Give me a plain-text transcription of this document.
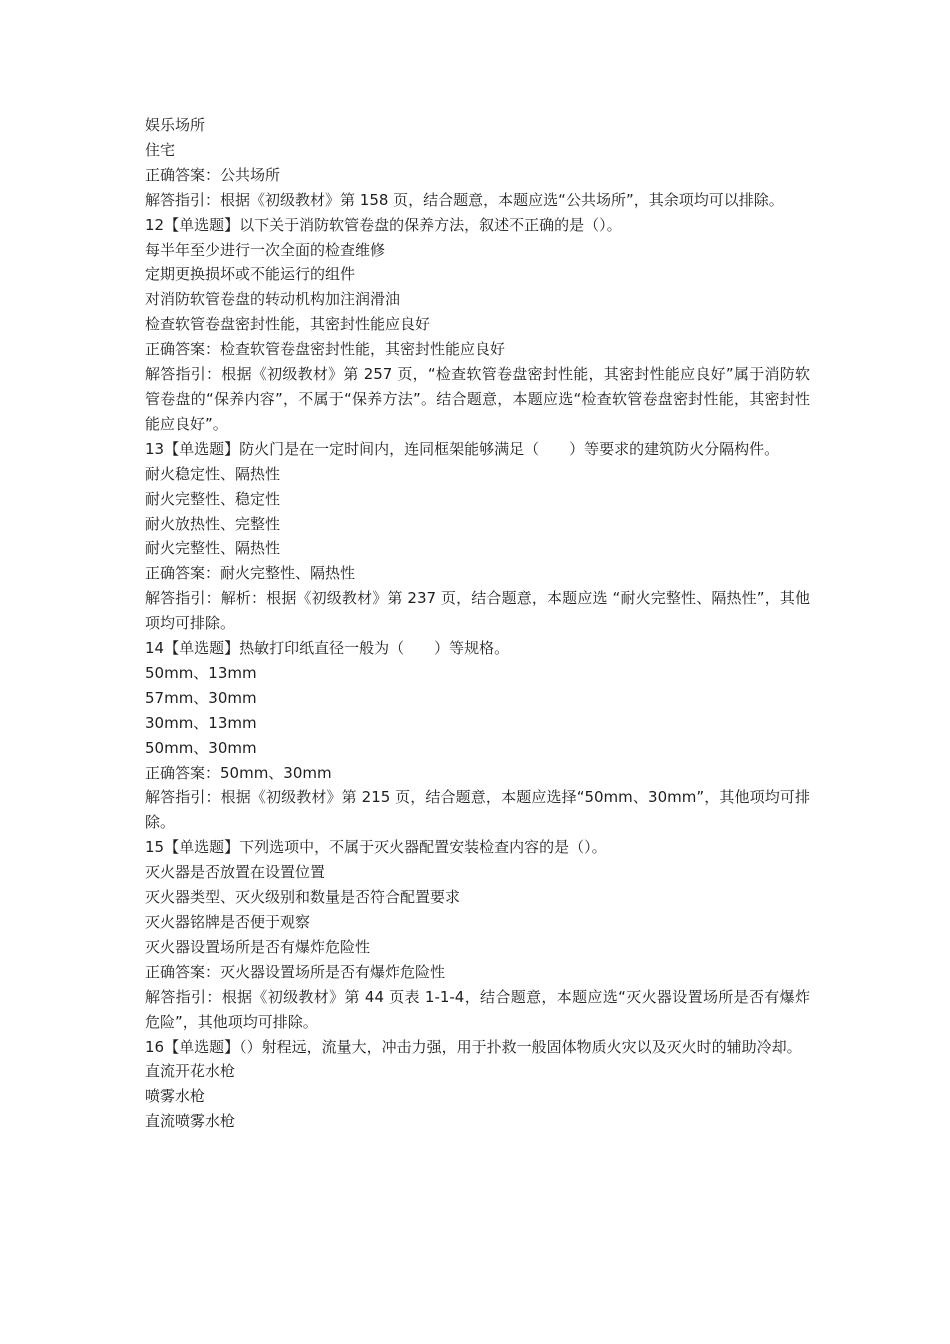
娱乐场所

住宅

正确答案：公共场所

解答指引：根据《初级教材》第 158 页，结合题意，本题应选“公共场所”，其余项均可以排除。

12【单选题】以下关于消防软管卷盘的保养方法，叙述不正确的是（）。

每半年至少进行一次全面的检查维修

定期更换损坏或不能运行的组件

对消防软管卷盘的转动机构加注润滑油

检查软管卷盘密封性能，其密封性能应良好

正确答案：检查软管卷盘密封性能，其密封性能应良好

解答指引：根据《初级教材》第 257 页，“检查软管卷盘密封性能，其密封性能应良好”属于消防软管卷盘的“保养内容”，不属于“保养方法”。结合题意，本题应选“检查软管卷盘密封性能，其密封性能应良好”。

13【单选题】防火门是在一定时间内，连同框架能够满足（　　）等要求的建筑防火分隔构件。

耐火稳定性、隔热性

耐火完整性、稳定性

耐火放热性、完整性

耐火完整性、隔热性

正确答案：耐火完整性、隔热性

解答指引：解析：根据《初级教材》第 237 页，结合题意，本题应选 “耐火完整性、隔热性”，其他项均可排除。

14【单选题】热敏打印纸直径一般为（　　）等规格。

50mm、13mm

57mm、30mm

30mm、13mm

50mm、30mm

正确答案：50mm、30mm

解答指引：根据《初级教材》第 215 页，结合题意，本题应选择“50mm、30mm”，其他项均可排除。

15【单选题】下列选项中，不属于灭火器配置安装检查内容的是（）。

灭火器是否放置在设置位置

灭火器类型、灭火级别和数量是否符合配置要求

灭火器铭牌是否便于观察

灭火器设置场所是否有爆炸危险性

正确答案：灭火器设置场所是否有爆炸危险性

解答指引：根据《初级教材》第 44 页表 1-1-4，结合题意，本题应选“灭火器设置场所是否有爆炸危险”，其他项均可排除。

16【单选题】（）射程远，流量大，冲击力强，用于扑救一般固体物质火灾以及灭火时的辅助冷却。

直流开花水枪

喷雾水枪

直流喷雾水枪
